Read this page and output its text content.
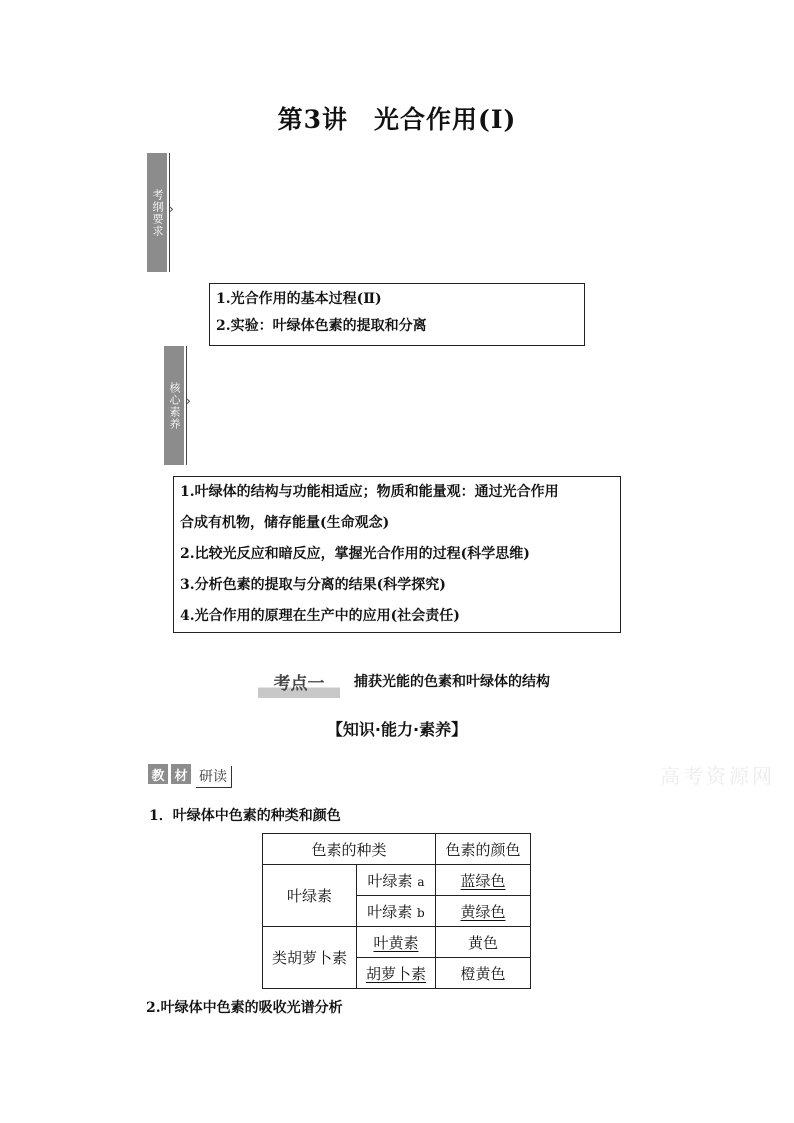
第3讲　光合作用(Ⅰ)
考纲要求 ›
1.光合作用的基本过程(Ⅱ)
2.实验：叶绿体色素的提取和分离
核心素养 ›
1.叶绿体的结构与功能相适应；物质和能量观：通过光合作用
合成有机物，储存能量(生命观念)
2.比较光反应和暗反应，掌握光合作用的过程(科学思维)
3.分析色素的提取与分离的结果(科学探究)
4.光合作用的原理在生产中的应用(社会责任)
考点一	捕获光能的色素和叶绿体的结构
【知识·能力·素养】
教 材 研读	高考资源网
1．叶绿体中色素的种类和颜色
色素的种类		色素的颜色
叶绿素	叶绿素 a	蓝绿色
	叶绿素 b	黄绿色
类胡萝卜素	叶黄素	黄色
	胡萝卜素	橙黄色
2.叶绿体中色素的吸收光谱分析
